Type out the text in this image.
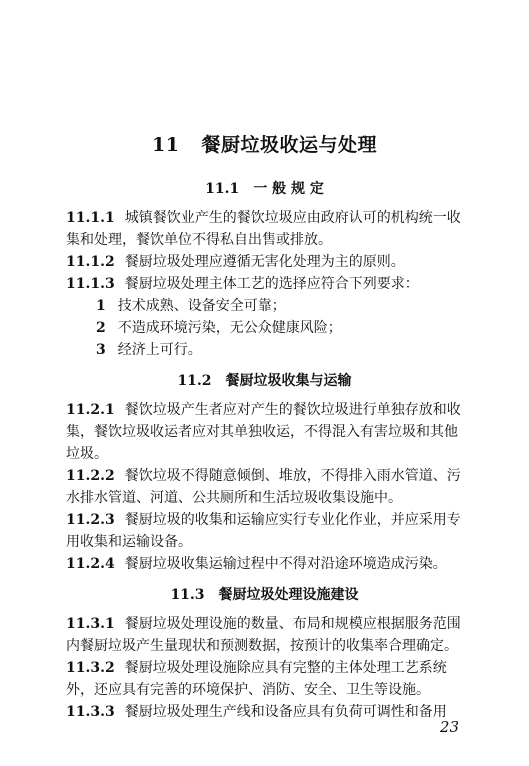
11 餐厨垃圾收运与处理
11.1 一 般 规 定
11.1.1 城镇餐饮业产生的餐饮垃圾应由政府认可的机构统一收
集和处理，餐饮单位不得私自出售或排放。
11.1.2 餐厨垃圾处理应遵循无害化处理为主的原则。
11.1.3 餐厨垃圾处理主体工艺的选择应符合下列要求：
1 技术成熟、设备安全可靠；
2 不造成环境污染，无公众健康风险；
3 经济上可行。
11.2 餐厨垃圾收集与运输
11.2.1 餐饮垃圾产生者应对产生的餐饮垃圾进行单独存放和收
集，餐饮垃圾收运者应对其单独收运，不得混入有害垃圾和其他
垃圾。
11.2.2 餐饮垃圾不得随意倾倒、堆放，不得排入雨水管道、污
水排水管道、河道、公共厕所和生活垃圾收集设施中。
11.2.3 餐厨垃圾的收集和运输应实行专业化作业，并应采用专
用收集和运输设备。
11.2.4 餐厨垃圾收集运输过程中不得对沿途环境造成污染。
11.3 餐厨垃圾处理设施建设
11.3.1 餐厨垃圾处理设施的数量、布局和规模应根据服务范围
内餐厨垃圾产生量现状和预测数据，按预计的收集率合理确定。
11.3.2 餐厨垃圾处理设施除应具有完整的主体处理工艺系统
外，还应具有完善的环境保护、消防、安全、卫生等设施。
11.3.3 餐厨垃圾处理生产线和设备应具有负荷可调性和备用
23
